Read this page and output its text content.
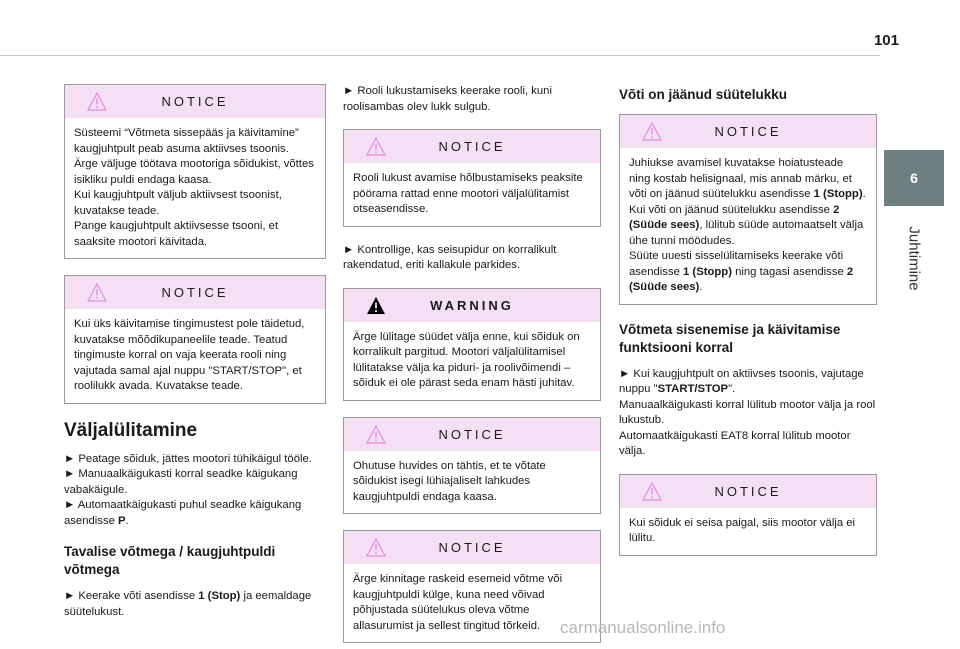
101
6
Juhtimine
NOTICE
Süsteemi “Võtmeta sissepääs ja käivitamine” kaugjuhtpult peab asuma aktiivses tsoonis.
Ärge väljuge töötava mootoriga sõidukist, võttes isikliku puldi endaga kaasa.
Kui kaugjuhtpult väljub aktiivsest tsoonist, kuvatakse teade.
Pange kaugjuhtpult aktiivsesse tsooni, et saaksite mootori käivitada.
NOTICE
Kui üks käivitamise tingimustest pole täidetud, kuvatakse mõõdikupaneelile teade. Teatud tingimuste korral on vaja keerata rooli ning vajutada samal ajal nuppu "START/STOP", et roolilukk avada. Kuvatakse teade.
Väljalülitamine

► Peatage sõiduk, jättes mootori tühikäigul tööle.
► Manuaalkäigukasti korral seadke käigukang vabakäigule.
► Automaatkäigukasti puhul seadke käigukang asendisse P.

Tavalise võtmega / kaugjuhtpuldi võtmega

► Keerake võti asendisse 1 (Stop) ja eemaldage süütelukust.

► Rooli lukustamiseks keerake rooli, kuni roolisambas olev lukk sulgub.

NOTICE
Rooli lukust avamise hõlbustamiseks peaksite pöörama rattad enne mootori väljalülitamist otseasendisse.

► Kontrollige, kas seisupidur on korralikult rakendatud, eriti kallakule parkides.

WARNING
Ärge lülitage süüdet välja enne, kui sõiduk on korralikult pargitud. Mootori väljalülitamisel lülitatakse välja ka piduri- ja roolivõimendi – sõiduk ei ole pärast seda enam hästi juhitav.
NOTICE
Ohutuse huvides on tähtis, et te võtate sõidukist isegi lühiajaliselt lahkudes kaugjuhtpuldi endaga kaasa.
NOTICE
Ärge kinnitage raskeid esemeid võtme või kaugjuhtpuldi külge, kuna need võivad põhjustada süütelukus oleva võtme allasurumist ja sellest tingitud tõrkeid.
Võti on jäänud süütelukku
NOTICE
Juhiukse avamisel kuvatakse hoiatusteade ning kostab helisignaal, mis annab märku, et võti on jäänud süütelukku asendisse 1 (Stopp).
Kui võti on jäänud süütelukku asendisse 2 (Süüde sees), lülitub süüde automaatselt välja ühe tunni möödudes.
Süüte uuesti sisselülitamiseks keerake võti asendisse 1 (Stopp) ning tagasi asendisse 2 (Süüde sees).
Võtmeta sisenemise ja käivitamise funktsiooni korral

► Kui kaugjuhtpult on aktiivses tsoonis, vajutage nuppu "START/STOP".
Manuaalkäigukasti korral lülitub mootor välja ja rool lukustub.
Automaatkäigukasti EAT8 korral lülitub mootor välja.

NOTICE
Kui sõiduk ei seisa paigal, siis mootor välja ei lülitu.
carmanualsonline.info
